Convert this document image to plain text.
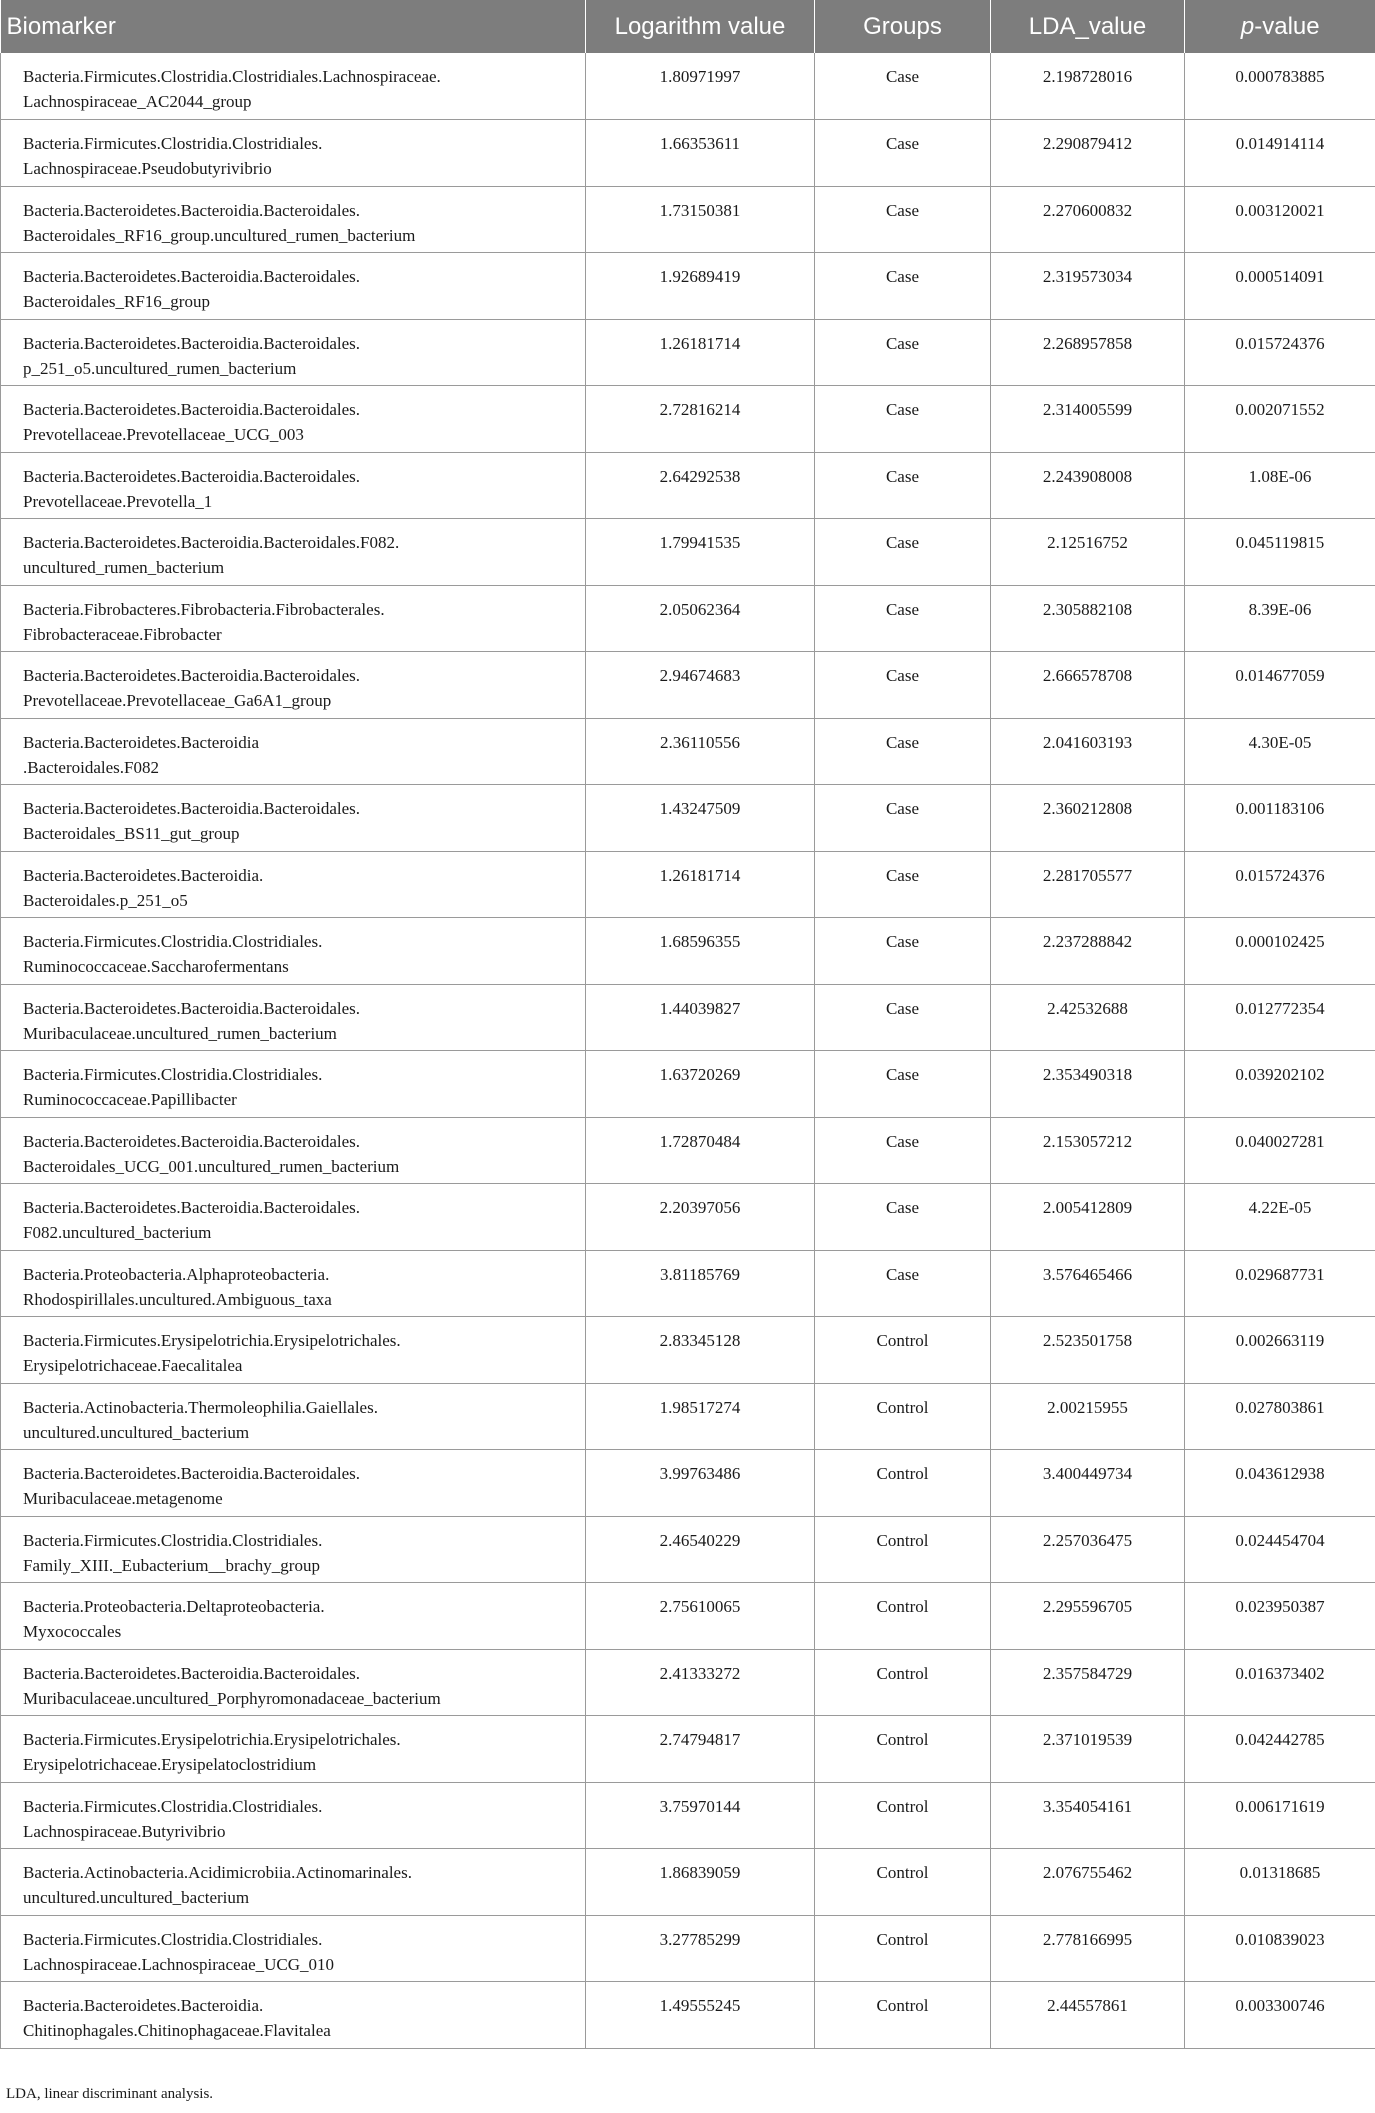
Biomarker	Logarithm value	Groups	LDA_value	p-value

Bacteria.Firmicutes.Clostridia.Clostridiales.Lachnospiraceae.
Lachnospiraceae_AC2044_group	1.80971997	Case	2.198728016	0.000783885

Bacteria.Firmicutes.Clostridia.Clostridiales.
Lachnospiraceae.Pseudobutyrivibrio	1.66353611	Case	2.290879412	0.014914114

Bacteria.Bacteroidetes.Bacteroidia.Bacteroidales.
Bacteroidales_RF16_group.uncultured_rumen_bacterium	1.73150381	Case	2.270600832	0.003120021

Bacteria.Bacteroidetes.Bacteroidia.Bacteroidales.
Bacteroidales_RF16_group	1.92689419	Case	2.319573034	0.000514091

Bacteria.Bacteroidetes.Bacteroidia.Bacteroidales.
p_251_o5.uncultured_rumen_bacterium	1.26181714	Case	2.268957858	0.015724376

Bacteria.Bacteroidetes.Bacteroidia.Bacteroidales.
Prevotellaceae.Prevotellaceae_UCG_003	2.72816214	Case	2.314005599	0.002071552

Bacteria.Bacteroidetes.Bacteroidia.Bacteroidales.
Prevotellaceae.Prevotella_1	2.64292538	Case	2.243908008	1.08E-06

Bacteria.Bacteroidetes.Bacteroidia.Bacteroidales.F082.
uncultured_rumen_bacterium	1.79941535	Case	2.12516752	0.045119815

Bacteria.Fibrobacteres.Fibrobacteria.Fibrobacterales.
Fibrobacteraceae.Fibrobacter	2.05062364	Case	2.305882108	8.39E-06

Bacteria.Bacteroidetes.Bacteroidia.Bacteroidales.
Prevotellaceae.Prevotellaceae_Ga6A1_group	2.94674683	Case	2.666578708	0.014677059

Bacteria.Bacteroidetes.Bacteroidia
.Bacteroidales.F082	2.36110556	Case	2.041603193	4.30E-05

Bacteria.Bacteroidetes.Bacteroidia.Bacteroidales.
Bacteroidales_BS11_gut_group	1.43247509	Case	2.360212808	0.001183106

Bacteria.Bacteroidetes.Bacteroidia.
Bacteroidales.p_251_o5	1.26181714	Case	2.281705577	0.015724376

Bacteria.Firmicutes.Clostridia.Clostridiales.
Ruminococcaceae.Saccharofermentans	1.68596355	Case	2.237288842	0.000102425

Bacteria.Bacteroidetes.Bacteroidia.Bacteroidales.
Muribaculaceae.uncultured_rumen_bacterium	1.44039827	Case	2.42532688	0.012772354

Bacteria.Firmicutes.Clostridia.Clostridiales.
Ruminococcaceae.Papillibacter	1.63720269	Case	2.353490318	0.039202102

Bacteria.Bacteroidetes.Bacteroidia.Bacteroidales.
Bacteroidales_UCG_001.uncultured_rumen_bacterium	1.72870484	Case	2.153057212	0.040027281

Bacteria.Bacteroidetes.Bacteroidia.Bacteroidales.
F082.uncultured_bacterium	2.20397056	Case	2.005412809	4.22E-05

Bacteria.Proteobacteria.Alphaproteobacteria.
Rhodospirillales.uncultured.Ambiguous_taxa	3.81185769	Case	3.576465466	0.029687731

Bacteria.Firmicutes.Erysipelotrichia.Erysipelotrichales.
Erysipelotrichaceae.Faecalitalea	2.83345128	Control	2.523501758	0.002663119

Bacteria.Actinobacteria.Thermoleophilia.Gaiellales.
uncultured.uncultured_bacterium	1.98517274	Control	2.00215955	0.027803861

Bacteria.Bacteroidetes.Bacteroidia.Bacteroidales.
Muribaculaceae.metagenome	3.99763486	Control	3.400449734	0.043612938

Bacteria.Firmicutes.Clostridia.Clostridiales.
Family_XIII._Eubacterium__brachy_group	2.46540229	Control	2.257036475	0.024454704

Bacteria.Proteobacteria.Deltaproteobacteria.
Myxococcales	2.75610065	Control	2.295596705	0.023950387

Bacteria.Bacteroidetes.Bacteroidia.Bacteroidales.
Muribaculaceae.uncultured_Porphyromonadaceae_bacterium	2.41333272	Control	2.357584729	0.016373402

Bacteria.Firmicutes.Erysipelotrichia.Erysipelotrichales.
Erysipelotrichaceae.Erysipelatoclostridium	2.74794817	Control	2.371019539	0.042442785

Bacteria.Firmicutes.Clostridia.Clostridiales.
Lachnospiraceae.Butyrivibrio	3.75970144	Control	3.354054161	0.006171619

Bacteria.Actinobacteria.Acidimicrobiia.Actinomarinales.
uncultured.uncultured_bacterium	1.86839059	Control	2.076755462	0.01318685

Bacteria.Firmicutes.Clostridia.Clostridiales.
Lachnospiraceae.Lachnospiraceae_UCG_010	3.27785299	Control	2.778166995	0.010839023

Bacteria.Bacteroidetes.Bacteroidia.
Chitinophagales.Chitinophagaceae.Flavitalea	1.49555245	Control	2.44557861	0.003300746
LDA, linear discriminant analysis.
